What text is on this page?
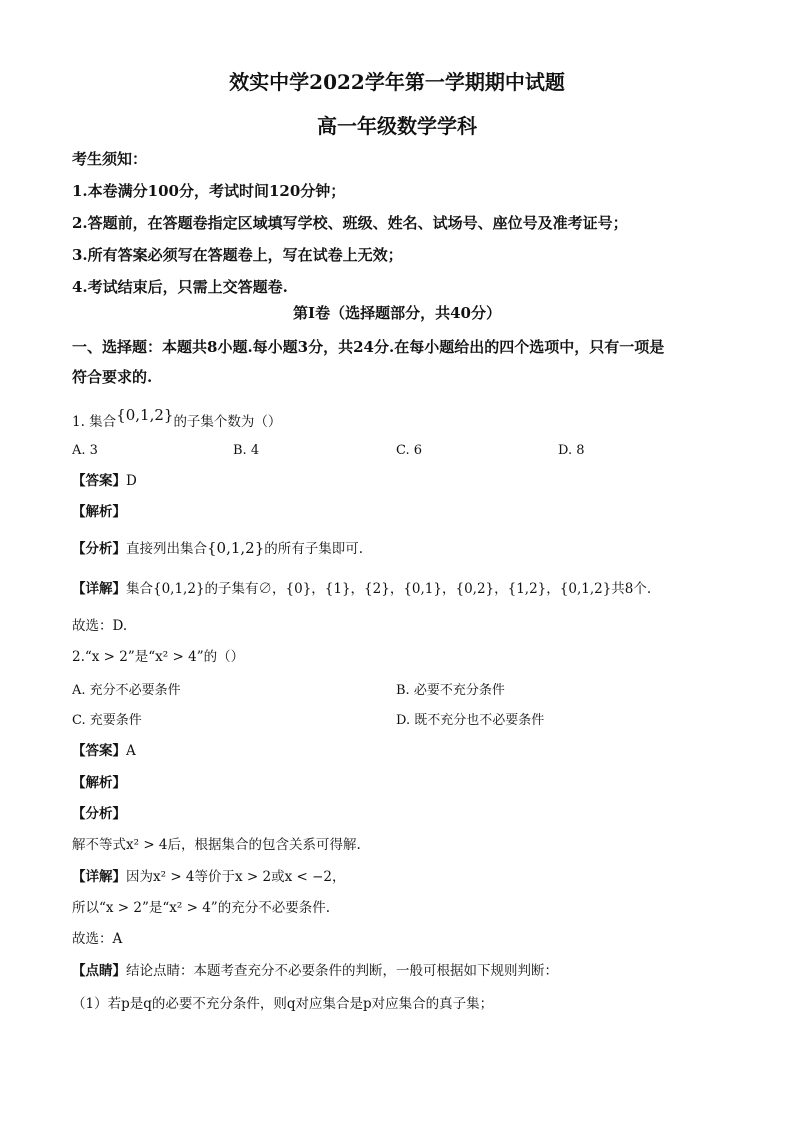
效实中学2022学年第一学期期中试题
高一年级数学学科
考生须知：
1.本卷满分100分，考试时间120分钟；
2.答题前，在答题卷指定区域填写学校、班级、姓名、试场号、座位号及准考证号；
3.所有答案必须写在答题卷上，写在试卷上无效；
4.考试结束后，只需上交答题卷.
第Ⅰ卷（选择题部分，共40分）
一、选择题：本题共8小题.每小题3分，共24分.在每小题给出的四个选项中，只有一项是
符合要求的.
1. 集合{0,1,2}的子集个数为（）
A. 3	B. 4	C. 6	D. 8
【答案】D
【解析】
【分析】直接列出集合{0,1,2}的所有子集即可.
【详解】集合{0,1,2}的子集有∅，{0}，{1}，{2}，{0,1}，{0,2}，{1,2}，{0,1,2}共8个.
故选：D.
2.“x > 2”是“x² > 4”的（）
A. 充分不必要条件	B. 必要不充分条件
C. 充要条件	D. 既不充分也不必要条件
【答案】A
【解析】
【分析】
解不等式x² > 4后，根据集合的包含关系可得解.
【详解】因为x² > 4等价于x > 2或x < −2，
所以“x > 2”是“x² > 4”的充分不必要条件.
故选：A
【点睛】结论点睛：本题考查充分不必要条件的判断，一般可根据如下规则判断：
（1）若p是q的必要不充分条件，则q对应集合是p对应集合的真子集；
